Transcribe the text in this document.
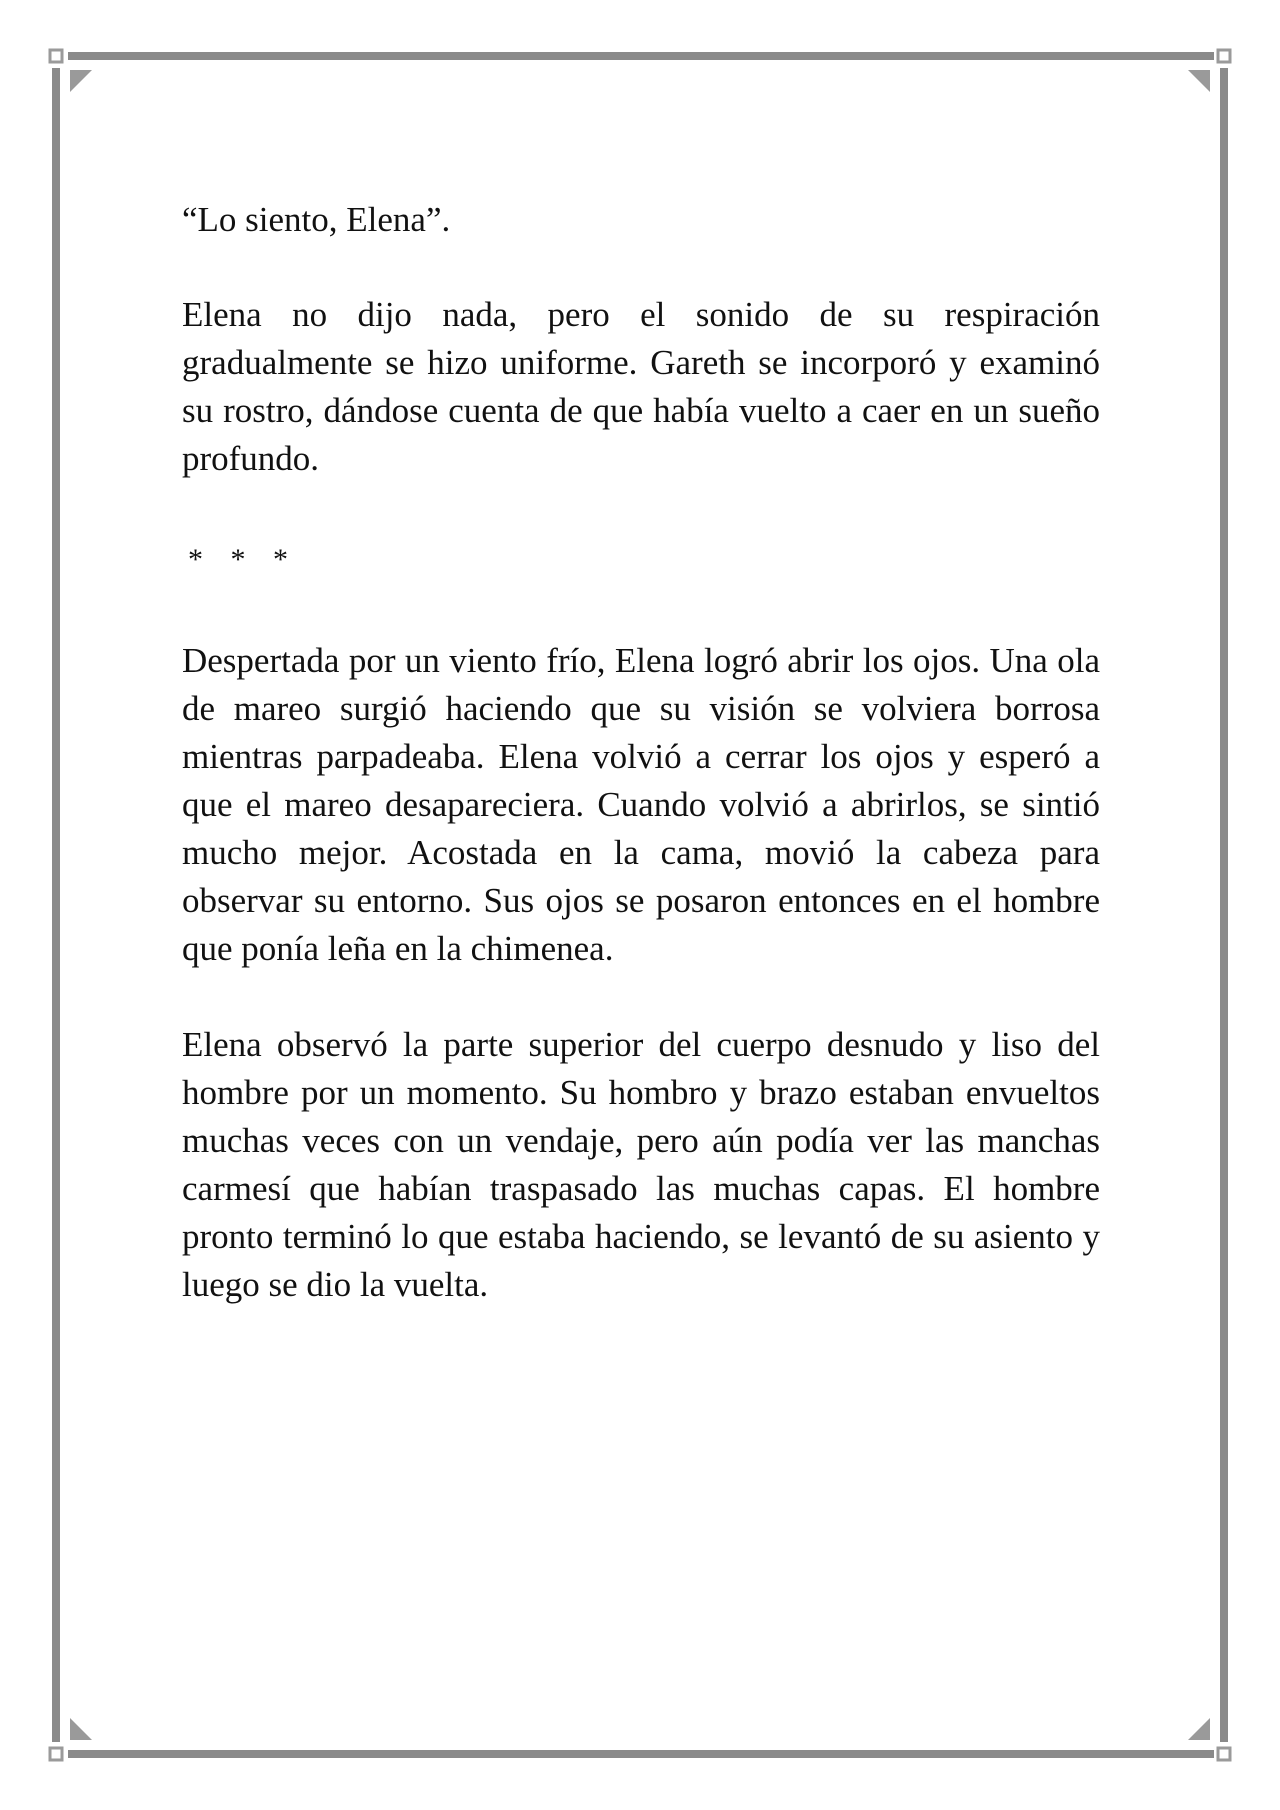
“Lo siento, Elena”.

Elena no dijo nada, pero el sonido de su respiración gradualmente se hizo uniforme. Gareth se incorporó y examinó su rostro, dándose cuenta de que había vuelto a caer en un sueño profundo.

* * *

Despertada por un viento frío, Elena logró abrir los ojos. Una ola de mareo surgió haciendo que su visión se volviera borrosa mientras parpadeaba. Elena volvió a cerrar los ojos y esperó a que el mareo desapareciera. Cuando volvió a abrirlos, se sintió mucho mejor. Acostada en la cama, movió la cabeza para observar su entorno. Sus ojos se posaron entonces en el hombre que ponía leña en la chimenea.

Elena observó la parte superior del cuerpo desnudo y liso del hombre por un momento. Su hombro y brazo estaban envueltos muchas veces con un vendaje, pero aún podía ver las manchas carmesí que habían traspasado las muchas capas. El hombre pronto terminó lo que estaba haciendo, se levantó de su asiento y luego se dio la vuelta.
